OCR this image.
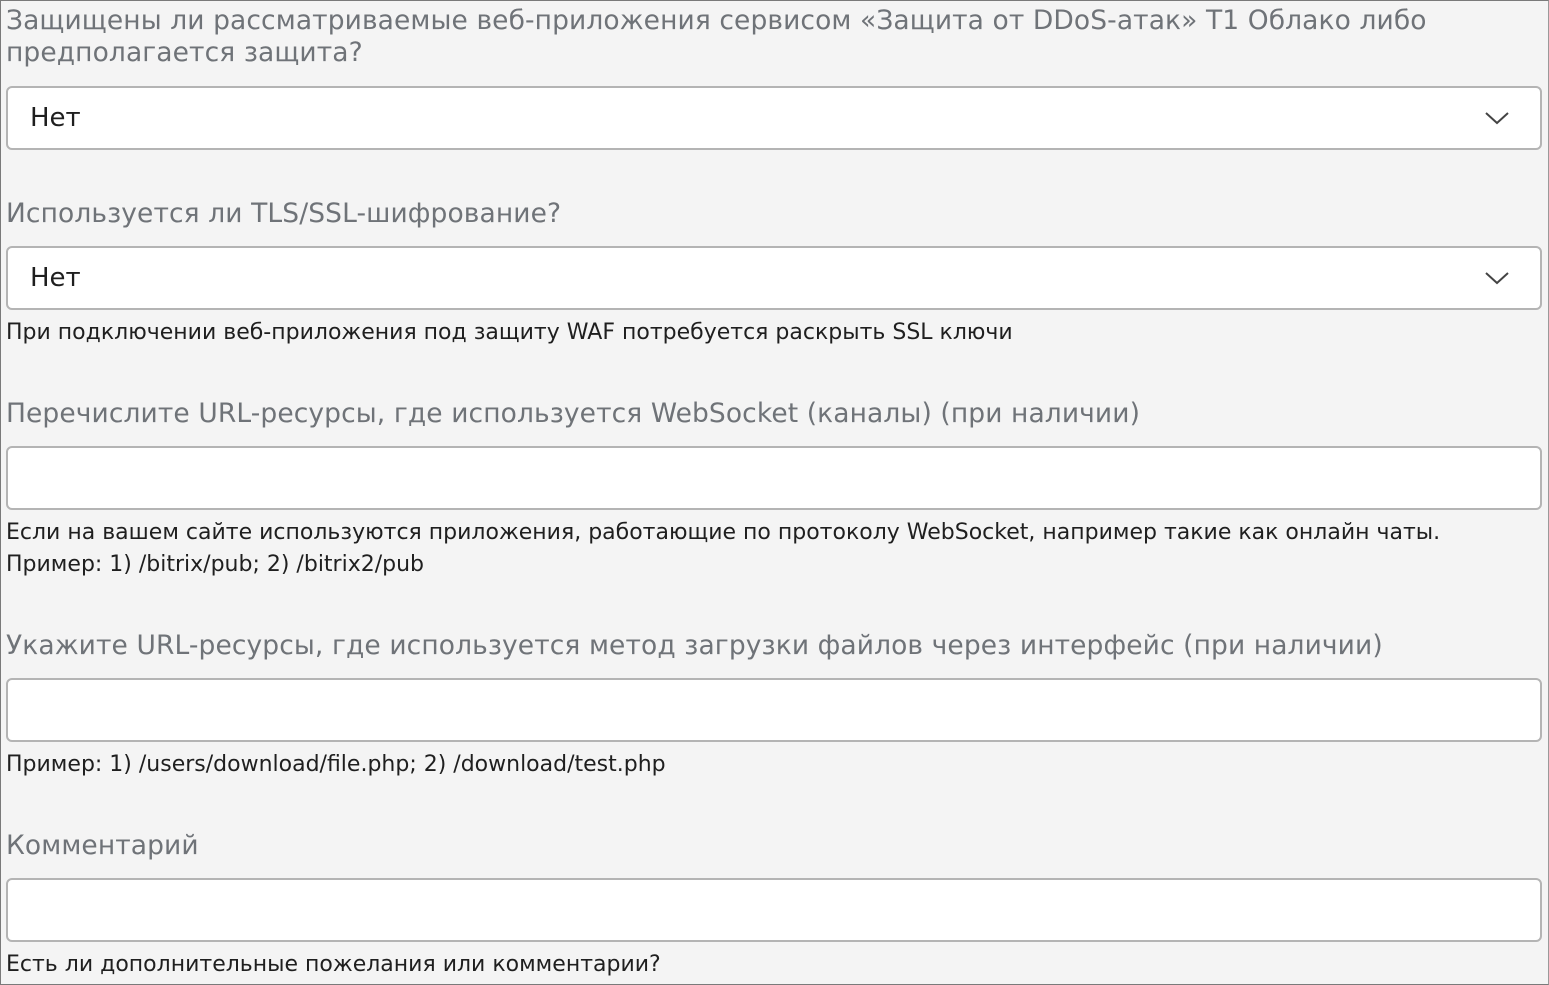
Защищены ли рассматриваемые веб-приложения сервисом «Защита от DDoS-атак» Т1 Облако либо предполагается защита?

Нет

Используется ли TLS/SSL-шифрование?

Нет

При подключении веб-приложения под защиту WAF потребуется раскрыть SSL ключи

Перечислите URL-ресурсы, где используется WebSocket (каналы) (при наличии)

Если на вашем сайте используются приложения, работающие по протоколу WebSocket, например такие как онлайн чаты.

Пример: 1) /bitrix/pub; 2) /bitrix2/pub

Укажите URL-ресурсы, где используется метод загрузки файлов через интерфейс (при наличии)

Пример: 1) /users/download/file.php; 2) /download/test.php

Комментарий

Есть ли дополнительные пожелания или комментарии?
